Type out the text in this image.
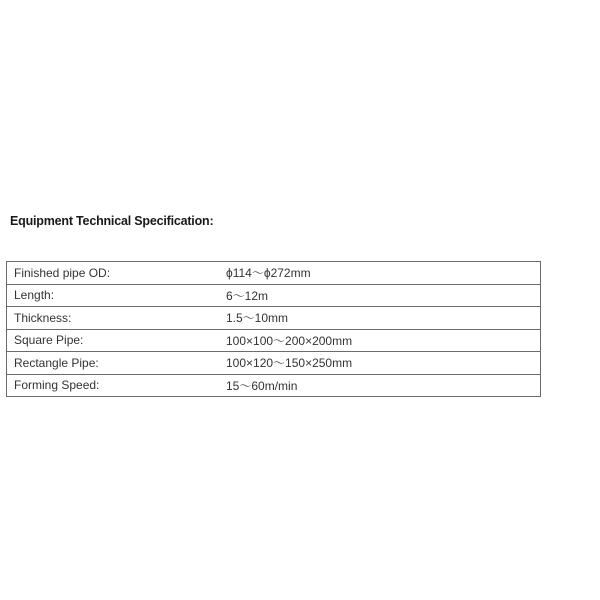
Equipment Technical Specification:
Finished pipe OD:	ϕ114～ϕ272mm
Length:	6～12m
Thickness:	1.5～10mm
Square Pipe:	100×100～200×200mm
Rectangle Pipe:	100×120～150×250mm
Forming Speed:	15～60m/min
